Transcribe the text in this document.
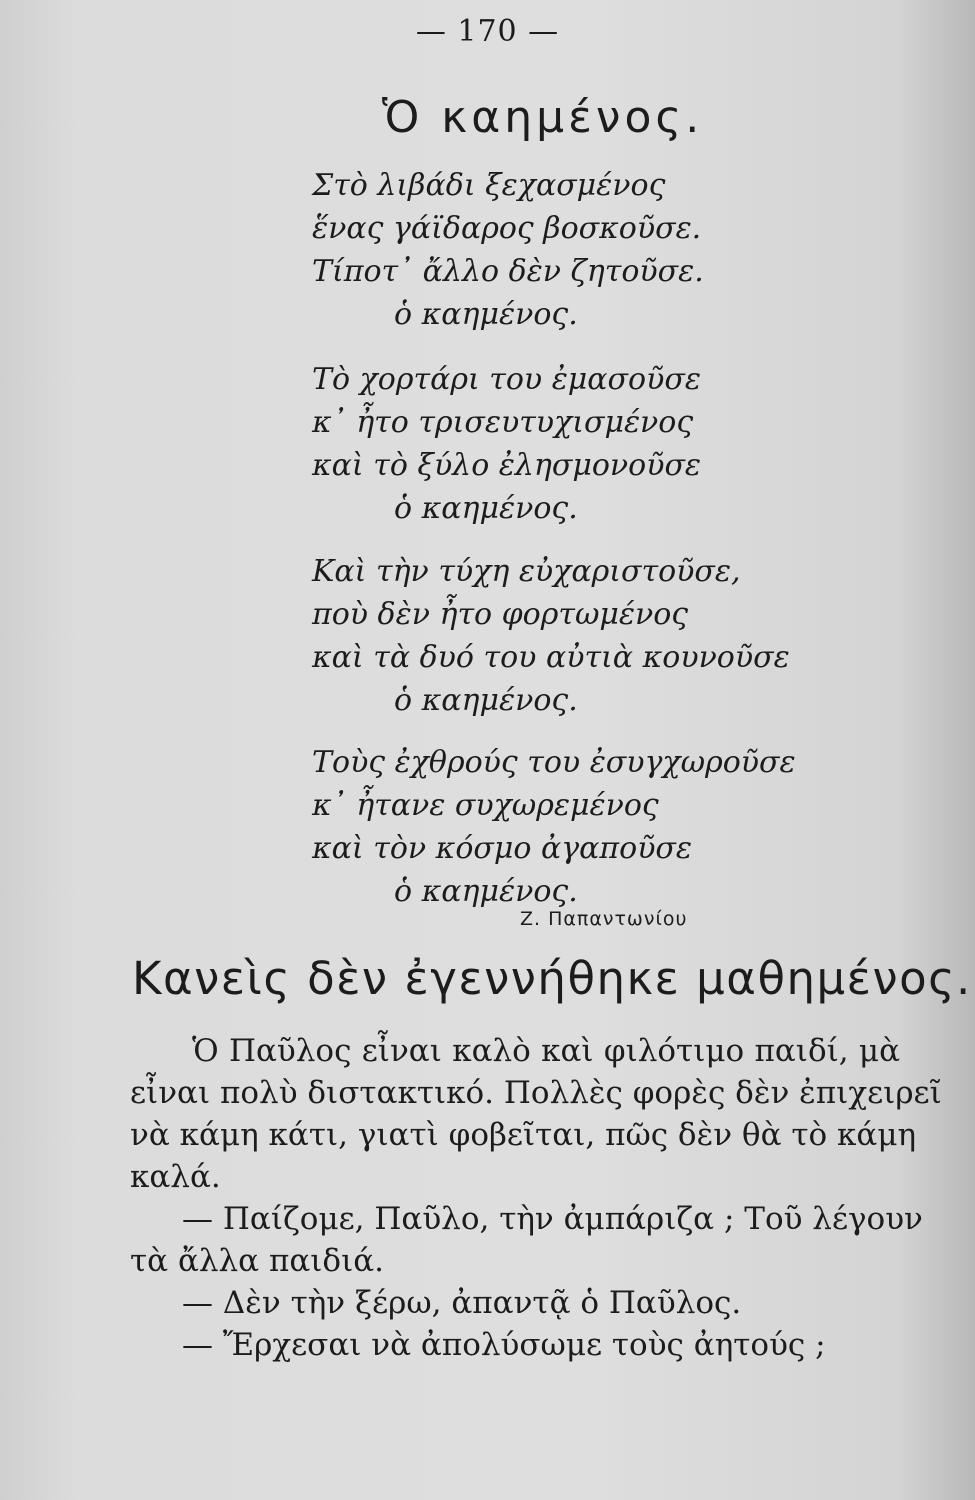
— 170 —
Ὁ καημένος.
Στὸ λιβάδι ξεχασμένος
ἕνας γάϊδαρος βοσκοῦσε.
Τίποτ᾽ ἄλλο δὲν ζητοῦσε.
ὁ καημένος.
Τὸ χορτάρι του ἐμασοῦσε
κ᾽ ἦτο τρισευτυχισμένος
καὶ τὸ ξύλο ἐλησμονοῦσε
ὁ καημένος.
Καὶ τὴν τύχη εὐχαριστοῦσε,
ποὺ δὲν ἦτο φορτωμένος
καὶ τὰ δυό του αὐτιὰ κουνοῦσε
ὁ καημένος.
Τοὺς ἐχθρούς του ἐσυγχωροῦσε
κ᾽ ἦτανε συχωρεμένος
καὶ τὸν κόσμο ἀγαποῦσε
ὁ καημένος.
Ζ. Παπαντωνίου
Κανεὶς δὲν ἐγεννήθηκε μαθημένος.
Ὁ Παῦλος εἶναι καλὸ καὶ φιλότιμο παιδί, μὰ
εἶναι πολὺ διστακτικό. Πολλὲς φορὲς δὲν ἐπιχειρεῖ
νὰ κάμη κάτι, γιατὶ φοβεῖται, πῶς δὲν θὰ τὸ κάμη
καλά.
— Παίζομε, Παῦλο, τὴν ἀμπάριζα ; Τοῦ λέγουν
τὰ ἄλλα παιδιά.
— Δὲν τὴν ξέρω, ἀπαντᾷ ὁ Παῦλος.
— Ἔρχεσαι νὰ ἀπολύσωμε τοὺς ἀητούς ;
